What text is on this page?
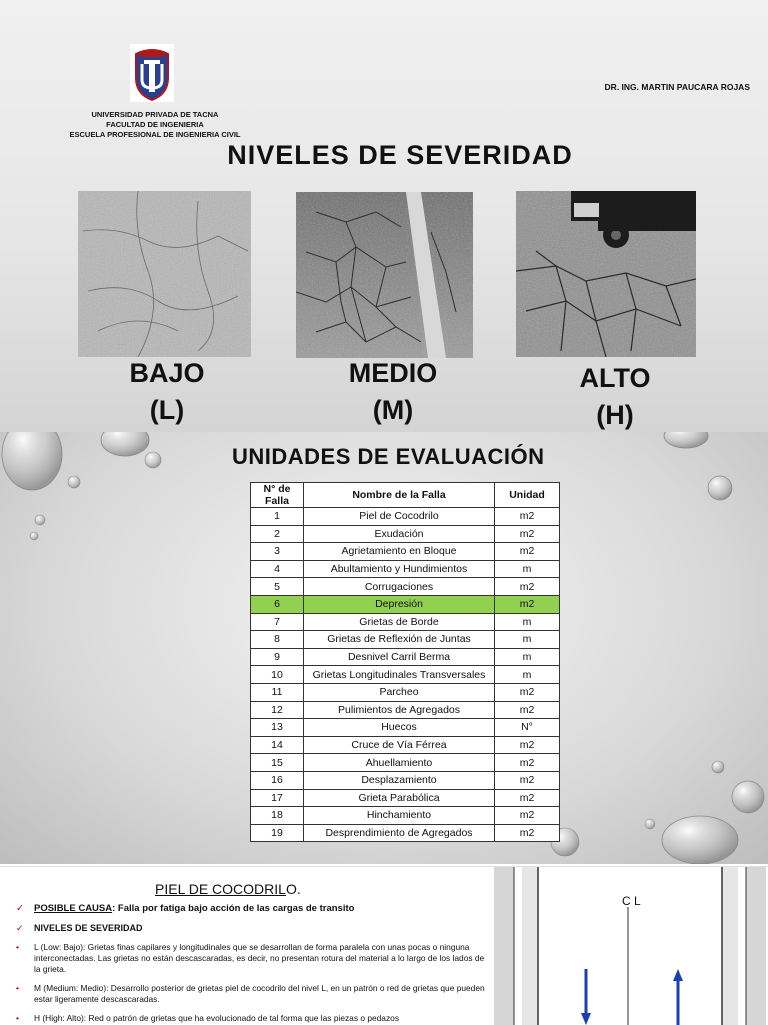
UNIVERSIDAD PRIVADA DE TACNA
FACULTAD DE INGENIERIA
ESCUELA PROFESIONAL DE INGENIERIA CIVIL
DR. ING. MARTIN PAUCARA ROJAS
NIVELES DE SEVERIDAD
BAJO
(L)
MEDIO
(M)
ALTO
(H)
UNIDADES DE EVALUACIÓN
N° de Falla	Nombre de la Falla	Unidad
1	Piel de Cocodrilo	m2
2	Exudación	m2
3	Agrietamiento en Bloque	m2
4	Abultamiento y Hundimientos	m
5	Corrugaciones	m2
6	Depresión	m2
7	Grietas de Borde	m
8	Grietas de Reflexión de Juntas	m
9	Desnivel Carril Berma	m
10	Grietas Longitudinales Transversales	m
11	Parcheo	m2
12	Pulimientos de Agregados	m2
13	Huecos	N°
14	Cruce de Vía Férrea	m2
15	Ahuellamiento	m2
16	Desplazamiento	m2
17	Grieta Parabólica	m2
18	Hinchamiento	m2
19	Desprendimiento de Agregados	m2
PIEL DE COCODRILO.
✓ POSIBLE CAUSA: Falla por fatiga bajo acción de las cargas de transito
✓ NIVELES DE SEVERIDAD
• L (Low: Bajo): Grietas finas capilares y longitudinales que se desarrollan de forma paralela con unas pocas o ninguna interconectadas. Las grietas no están descascaradas, es decir, no presentan rotura del material a lo largo de los lados de la grieta.
• M (Medium: Medio): Desarrollo posterior de grietas piel de cocodrilo del nivel L, en un patrón o red de grietas que pueden estar ligeramente descascaradas.
• H (High: Alto): Red o patrón de grietas que ha evolucionado de tal forma que las piezas o pedazos
C L
